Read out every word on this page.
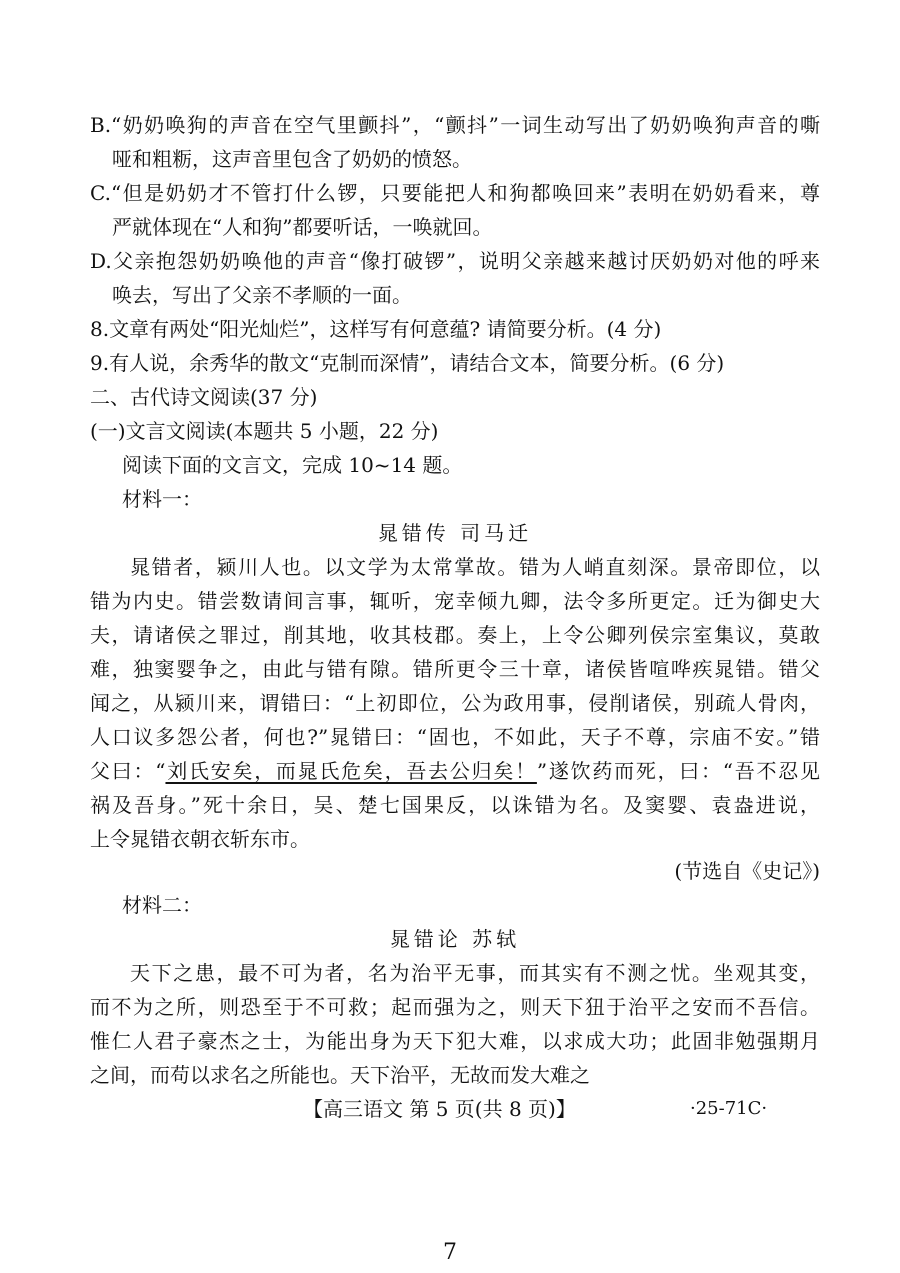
B.“奶奶唤狗的声音在空气里颤抖”，“颤抖”一词生动写出了奶奶唤狗声音的嘶
哑和粗粝，这声音里包含了奶奶的愤怒。
C.“但是奶奶才不管打什么锣，只要能把人和狗都唤回来”表明在奶奶看来，尊
严就体现在“人和狗”都要听话，一唤就回。
D.父亲抱怨奶奶唤他的声音“像打破锣”，说明父亲越来越讨厌奶奶对他的呼来
唤去，写出了父亲不孝顺的一面。
8.文章有两处“阳光灿烂”，这样写有何意蕴? 请简要分析。(4 分)
9.有人说，余秀华的散文“克制而深情”，请结合文本，简要分析。(6 分)
二、古代诗文阅读(37 分)
(一)文言文阅读(本题共 5 小题，22 分)
阅读下面的文言文，完成 10~14 题。
材料一：
晁错传 司马迁
晁错者，颍川人也。以文学为太常掌故。错为人峭直刻深。景帝即位，以
错为内史。错尝数请间言事，辄听，宠幸倾九卿，法令多所更定。迁为御史大
夫，请诸侯之罪过，削其地，收其枝郡。奏上，上令公卿列侯宗室集议，莫敢
难，独窦婴争之，由此与错有隙。错所更令三十章，诸侯皆喧哗疾晁错。错父
闻之，从颍川来，谓错曰：“上初即位，公为政用事，侵削诸侯，别疏人骨肉，
人口议多怨公者，何也?”晁错曰：“固也，不如此，天子不尊，宗庙不安。”错
父曰：“刘氏安矣，而晁氏危矣，吾去公归矣！”遂饮药而死，曰：“吾不忍见
祸及吾身。”死十余日，吴、楚七国果反，以诛错为名。及窦婴、袁盎进说，
上令晁错衣朝衣斩东市。
(节选自《史记》)
材料二：
晁错论 苏轼
天下之患，最不可为者，名为治平无事，而其实有不测之忧。坐观其变，
而不为之所，则恐至于不可救；起而强为之，则天下狃于治平之安而不吾信。
惟仁人君子豪杰之士，为能出身为天下犯大难，以求成大功；此固非勉强期月
之间，而苟以求名之所能也。天下治平，无故而发大难之
【高三语文 第 5 页(共 8 页)】	·25-71C·
7
